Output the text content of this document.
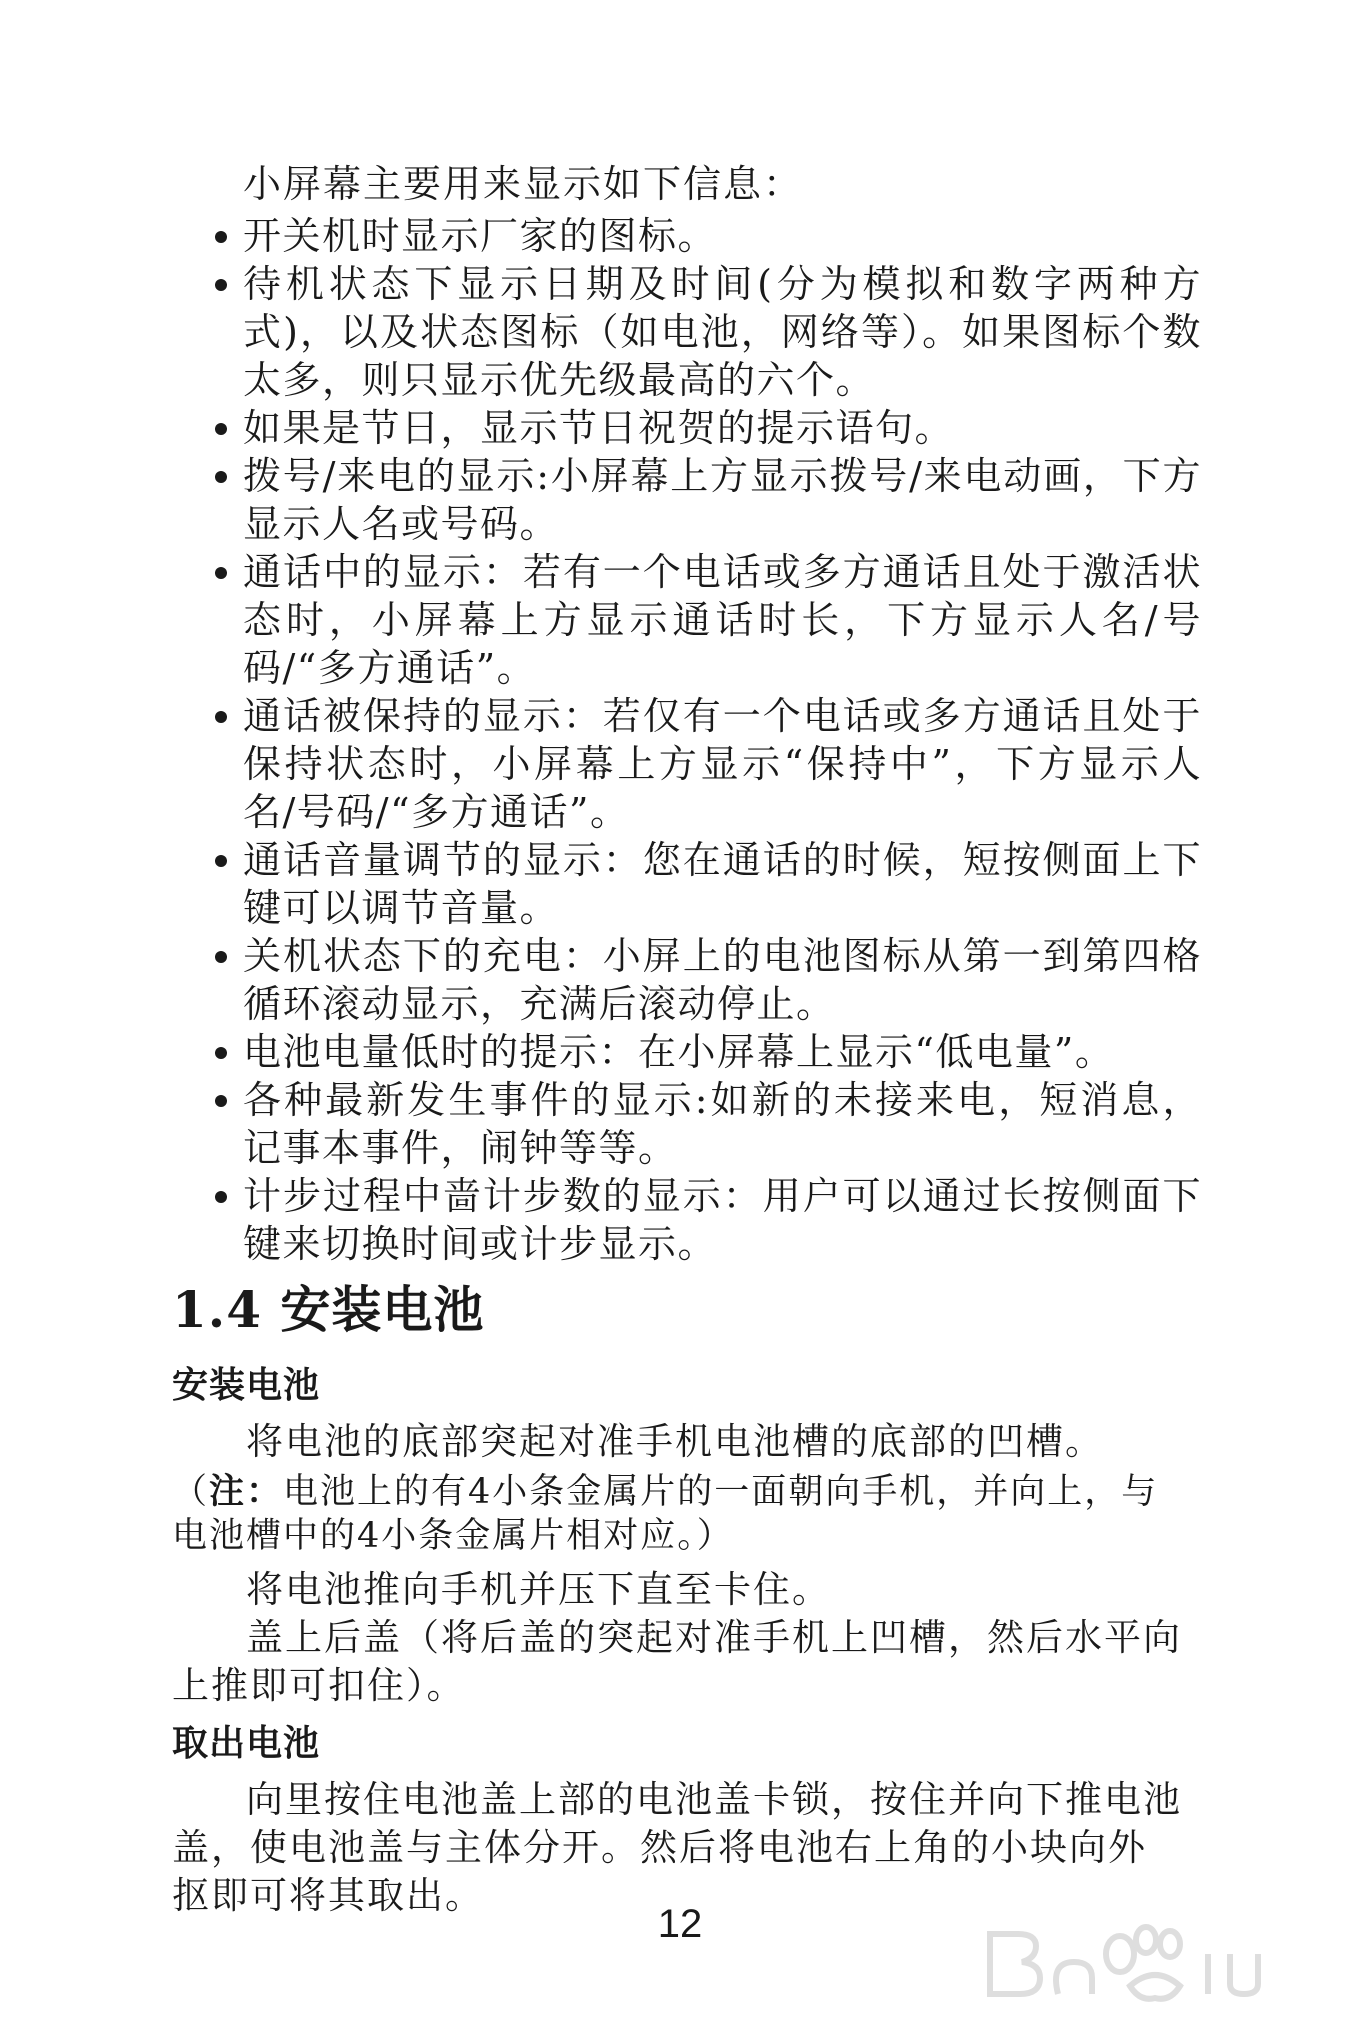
小屏幕主要用来显示如下信息：

开关机时显示厂家的图标。
待机状态下显示日期及时间(分为模拟和数字两种方式)，以及状态图标（如电池，网络等）。如果图标个数太多，则只显示优先级最高的六个。
如果是节日，显示节日祝贺的提示语句。
拨号/来电的显示:小屏幕上方显示拨号/来电动画，下方显示人名或号码。
通话中的显示：若有一个电话或多方通话且处于激活状态时，小屏幕上方显示通话时长，下方显示人名/号码/“多方通话”。
通话被保持的显示：若仅有一个电话或多方通话且处于保持状态时，小屏幕上方显示“保持中”，下方显示人名/号码/“多方通话”。
通话音量调节的显示：您在通话的时候，短按侧面上下键可以调节音量。
关机状态下的充电：小屏上的电池图标从第一到第四格循环滚动显示，充满后滚动停止。
电池电量低时的提示：在小屏幕上显示“低电量”。
各种最新发生事件的显示:如新的未接来电，短消息，记事本事件，闹钟等等。
计步过程中啬计步数的显示：用户可以通过长按侧面下键来切换时间或计步显示。
1.4 安装电池
安装电池

将电池的底部突起对准手机电池槽的底部的凹槽。

（注：电池上的有4小条金属片的一面朝向手机，并向上，与电池槽中的4小条金属片相对应。）

将电池推向手机并压下直至卡住。

盖上后盖（将后盖的突起对准手机上凹槽，然后水平向上推即可扣住）。

取出电池

向里按住电池盖上部的电池盖卡锁，按住并向下推电池盖，使电池盖与主体分开。然后将电池右上角的小块向外抠即可将其取出。

12
